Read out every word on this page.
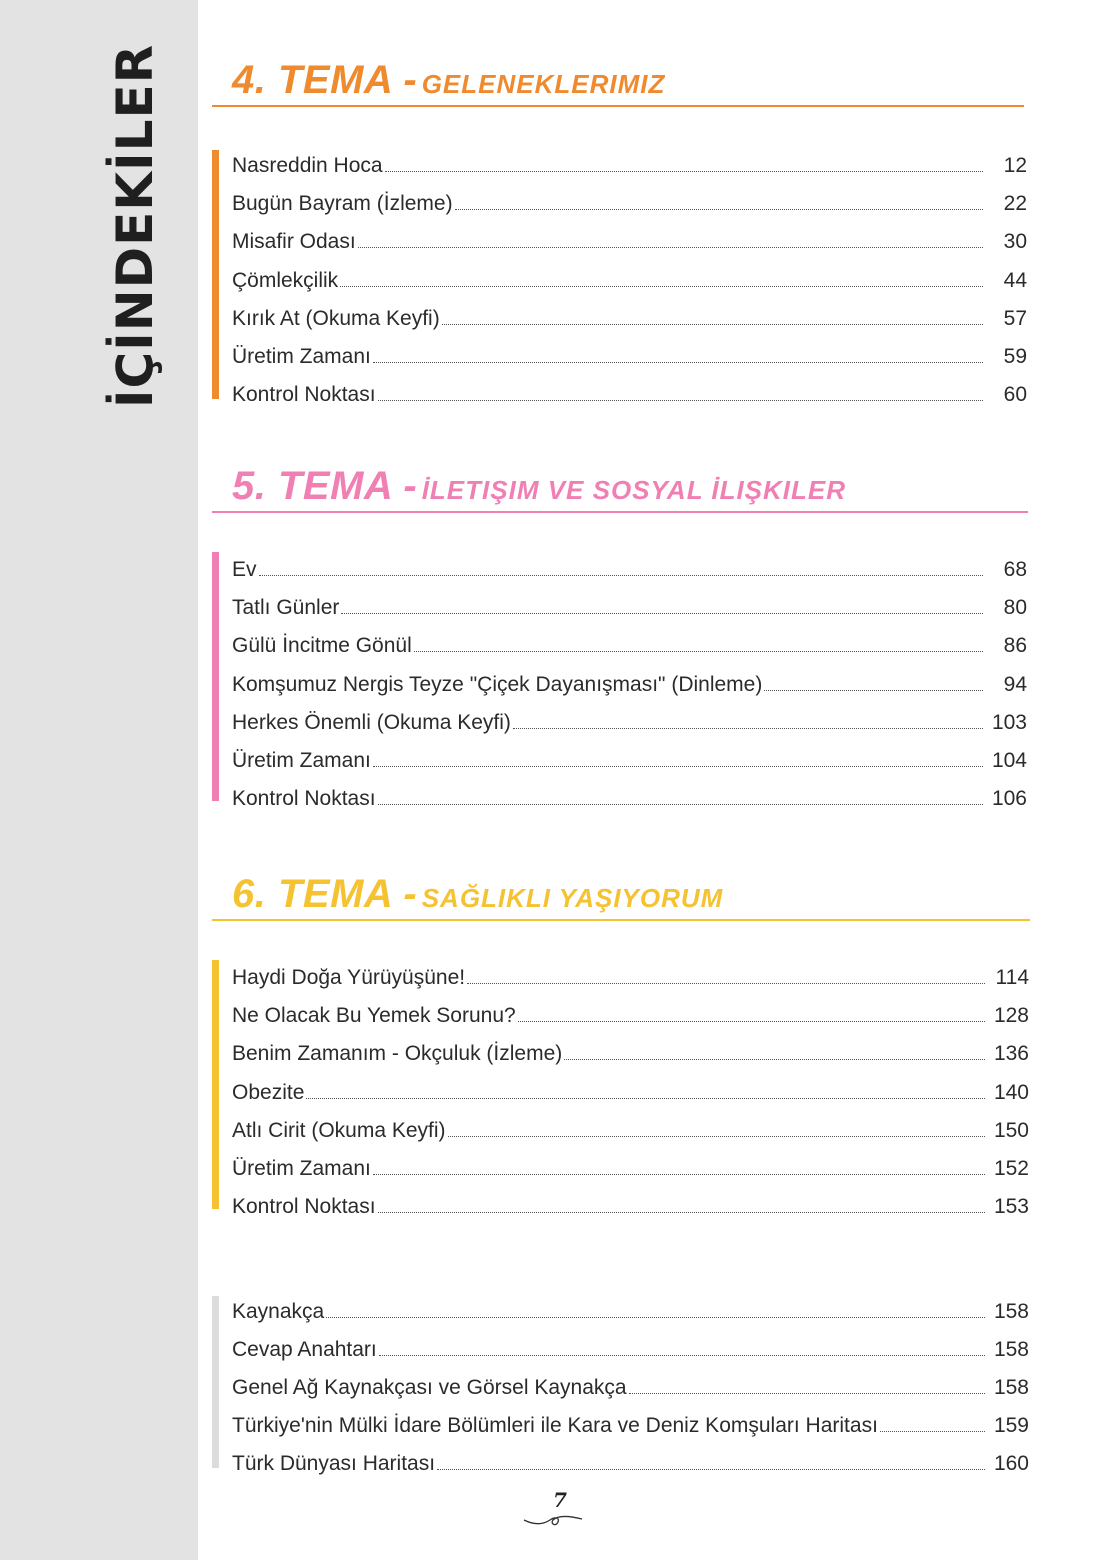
İÇİNDEKİLER 4. TEMA - GELENEKLERIMIZ
Nasreddin Hoca	12
Bugün Bayram (İzleme)	22
Misafir Odası	30
Çömlekçilik	44
Kırık At (Okuma Keyfi)	57
Üretim Zamanı	59
Kontrol Noktası	60
5. TEMA - İLETIŞIM VE SOSYAL İLIŞKILER
Ev	68
Tatlı Günler	80
Gülü İncitme Gönül	86
Komşumuz Nergis Teyze "Çiçek Dayanışması" (Dinleme)	94
Herkes Önemli (Okuma Keyfi)	103
Üretim Zamanı	104
Kontrol Noktası	106
6. TEMA - SAĞLIKLI YAŞIYORUM
Haydi Doğa Yürüyüşüne!	114
Ne Olacak Bu Yemek Sorunu?	128
Benim Zamanım - Okçuluk (İzleme)	136
Obezite	140
Atlı Cirit (Okuma Keyfi)	150
Üretim Zamanı	152
Kontrol Noktası	153
Kaynakça	158
Cevap Anahtarı	158
Genel Ağ Kaynakçası ve Görsel Kaynakça	158
Türkiye'nin Mülki İdare Bölümleri ile Kara ve Deniz Komşuları Haritası	159
Türk Dünyası Haritası	160
7
